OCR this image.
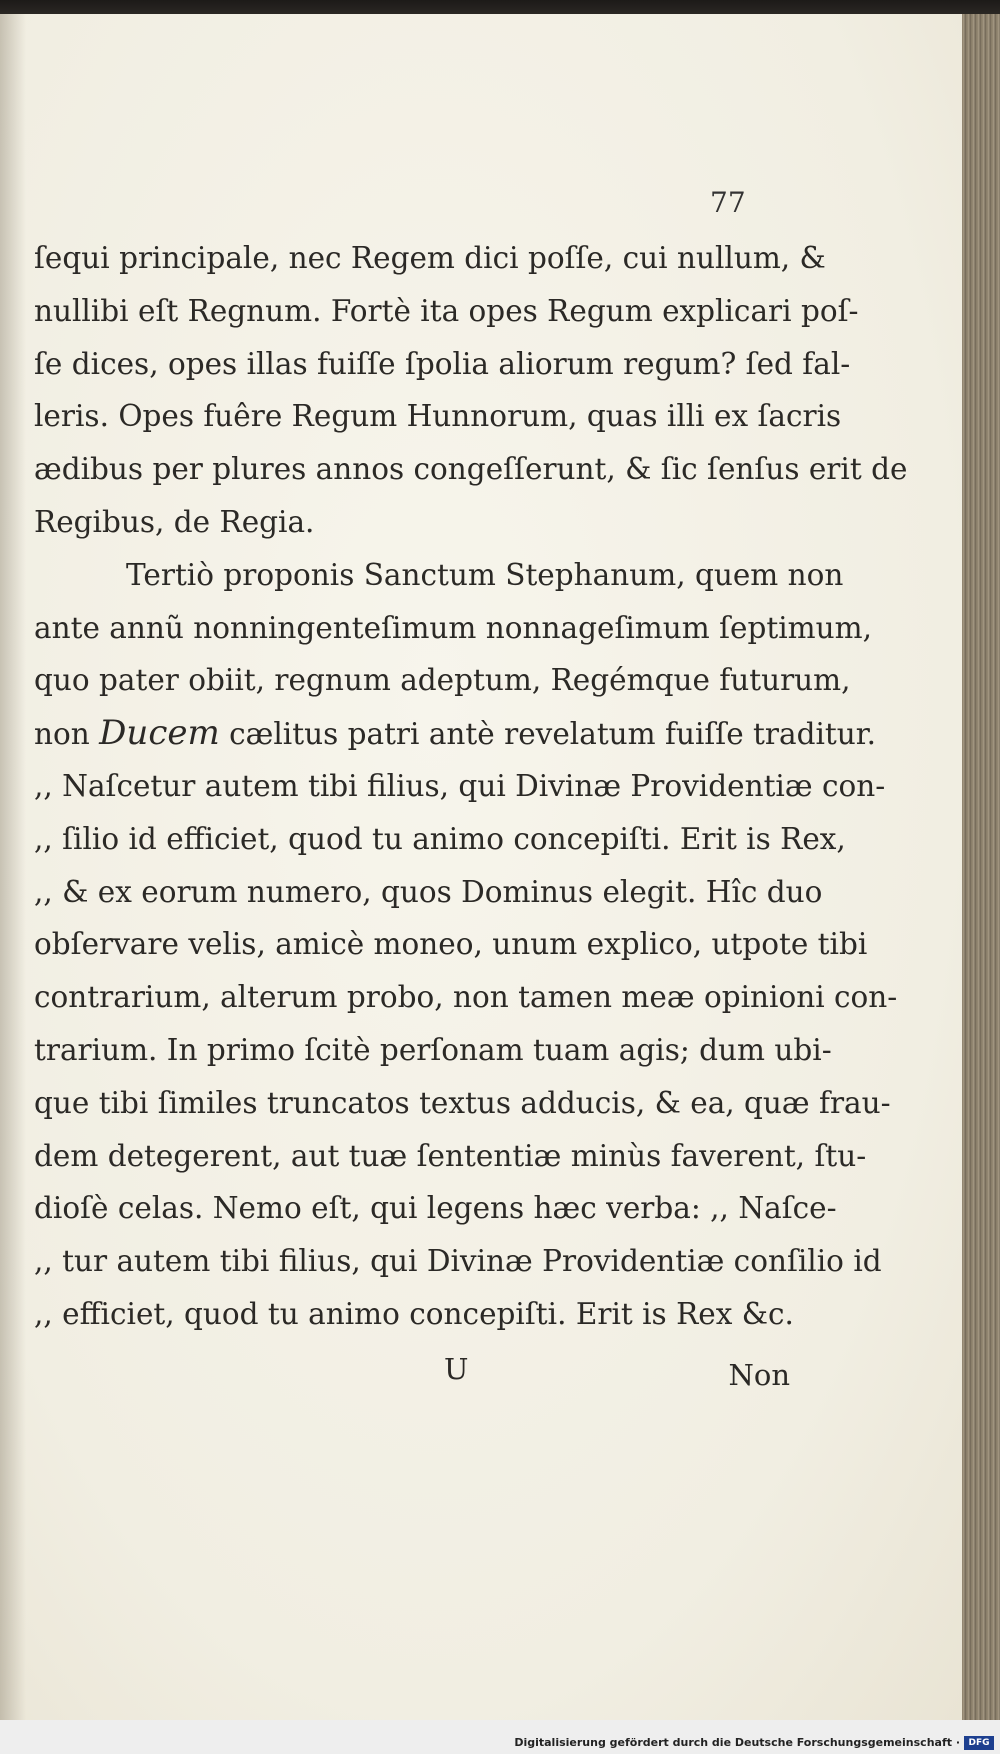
77
ſequi principale, nec Regem dici poſſe, cui nullum, &
nullibi eſt Regnum. Fortè ita opes Regum explicari poſ-
ſe dices, opes illas fuiſſe ſpolia aliorum regum? ſed fal-
leris. Opes fuêre Regum Hunnorum, quas illi ex ſacris
ædibus per plures annos congeſſerunt, & ſic ſenſus erit de
Regibus, de Regia.
Tertiò proponis Sanctum Stephanum, quem non
ante annũ nonningenteſimum nonnageſimum ſeptimum,
quo pater obiit, regnum adeptum, Regémque futurum,
non Ducem cælitus patri antè revelatum fuiſſe traditur.
,, Naſcetur autem tibi filius, qui Divinæ Providentiæ con-
,, ſilio id efficiet, quod tu animo concepiſti. Erit is Rex,
,, & ex eorum numero, quos Dominus elegit. Hîc duo
obſervare velis, amicè moneo, unum explico, utpote tibi
contrarium, alterum probo, non tamen meæ opinioni con-
trarium. In primo ſcitè perſonam tuam agis; dum ubi-
que tibi ſimiles truncatos textus adducis, & ea, quæ frau-
dem detegerent, aut tuæ ſententiæ minùs faverent, ſtu-
dioſè celas. Nemo eſt, qui legens hæc verba: ,, Naſce-
,, tur autem tibi filius, qui Divinæ Providentiæ conſilio id
,, efficiet, quod tu animo concepiſti. Erit is Rex &c.
U	Non
Digitalisierung gefördert durch die Deutsche Forschungsgemeinschaft · DFG
